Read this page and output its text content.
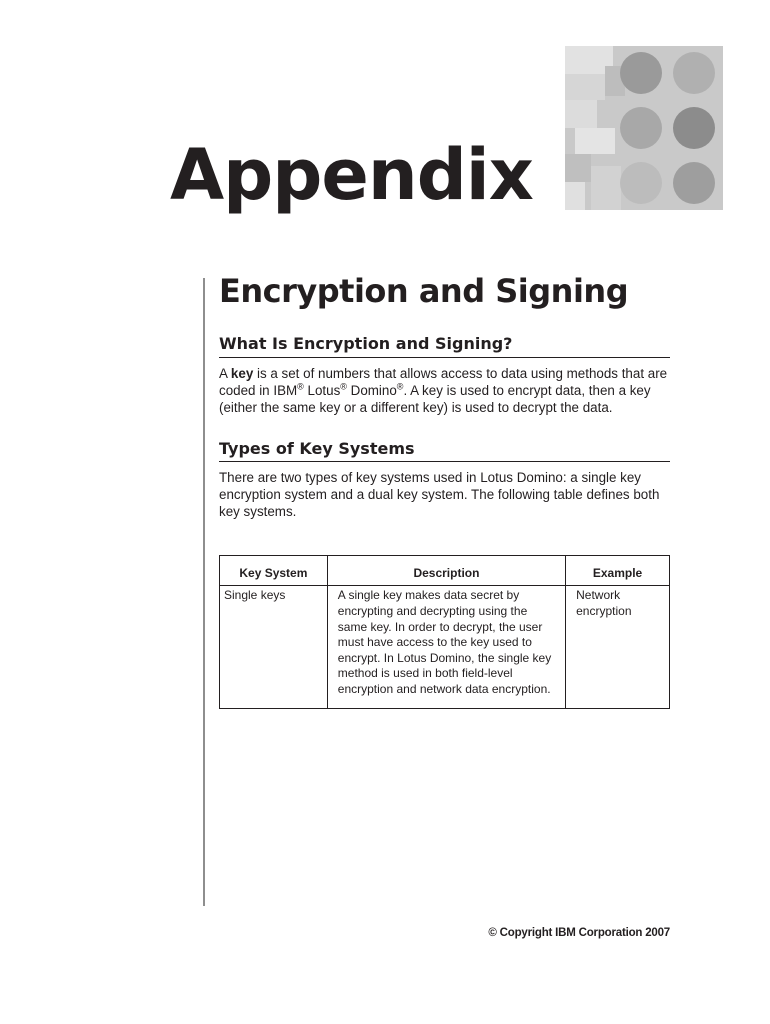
Appendix
Encryption and Signing
What Is Encryption and Signing?

A key is a set of numbers that allows access to data using methods that are coded in IBM® Lotus® Domino®. A key is used to encrypt data, then a key (either the same key or a different key) is used to decrypt the data.

Types of Key Systems

There are two types of key systems used in Lotus Domino: a single key encryption system and a dual key system. The following table defines both key systems.

Key System	Description	Example
Single keys	A single key makes data secret by encrypting and decrypting using the same key. In order to decrypt, the user must have access to the key used to encrypt. In Lotus Domino, the single key method is used in both field-level encryption and network data encryption.	Network encryption
© Copyright IBM Corporation 2007
